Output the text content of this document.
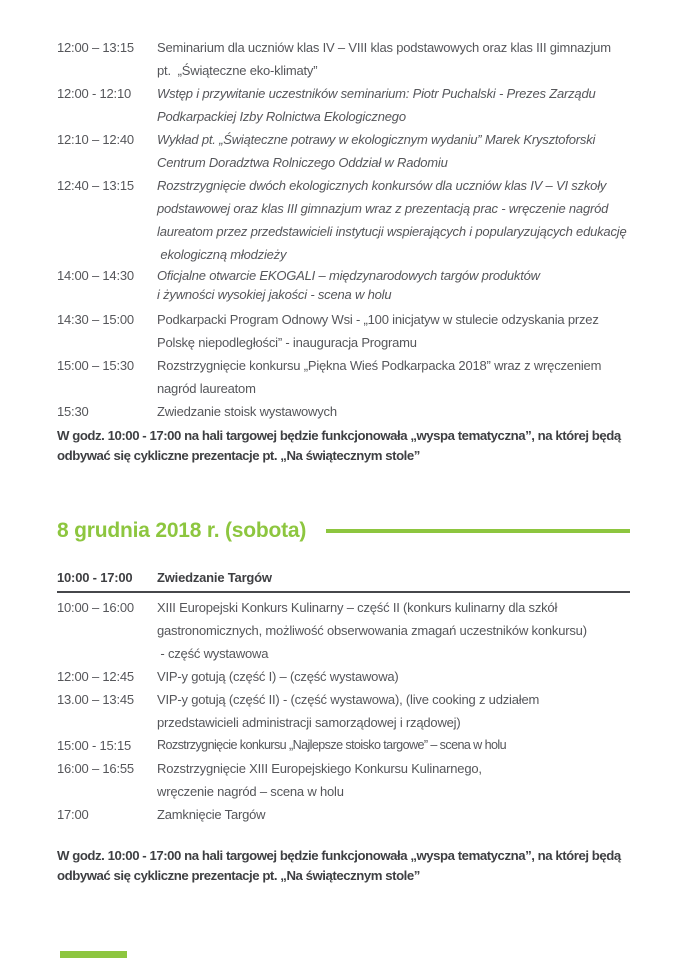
12:00 – 13:15	Seminarium dla uczniów klas IV – VIII klas podstawowych oraz klas III gimnazjum
pt.  „Świąteczne eko-klimaty”
12:00 - 12:10	Wstęp i przywitanie uczestników seminarium: Piotr Puchalski - Prezes Zarządu
Podkarpackiej Izby Rolnictwa Ekologicznego
12:10 – 12:40	Wykład pt. „Świąteczne potrawy w ekologicznym wydaniu” Marek Krysztoforski
Centrum Doradztwa Rolniczego Oddział w Radomiu
12:40 – 13:15	Rozstrzygnięcie dwóch ekologicznych konkursów dla uczniów klas IV – VI szkoły
podstawowej oraz klas III gimnazjum wraz z prezentacją prac - wręczenie nagród
laureatom przez przedstawicieli instytucji wspierających i popularyzujących edukację
ekologiczną młodzieży
14:00 – 14:30	Oficjalne otwarcie EKOGALI – międzynarodowych targów produktów
i żywności wysokiej jakości - scena w holu
14:30 – 15:00	Podkarpacki Program Odnowy Wsi - „100 inicjatyw w stulecie odzyskania przez
Polskę niepodległości” - inauguracja Programu
15:00 – 15:30	Rozstrzygnięcie konkursu „Piękna Wieś Podkarpacka 2018” wraz z wręczeniem
nagród laureatom
15:30	Zwiedzanie stoisk wystawowych
W godz. 10:00 - 17:00 na hali targowej będzie funkcjonowała „wyspa tematyczna”, na której będą
odbywać się cykliczne prezentacje pt. „Na świątecznym stole”
8 grudnia 2018 r. (sobota)
10:00 - 17:00	Zwiedzanie Targów
10:00 – 16:00	XIII Europejski Konkurs Kulinarny – część II (konkurs kulinarny dla szkół
gastronomicznych, możliwość obserwowania zmagań uczestników konkursu)
- część wystawowa
12:00 – 12:45	VIP-y gotują (część I) – (część wystawowa)
13.00 – 13:45	VIP-y gotują (część II) - (część wystawowa), (live cooking z udziałem
przedstawicieli administracji samorządowej i rządowej)
15:00 - 15:15	Rozstrzygnięcie konkursu „Najlepsze stoisko targowe” – scena w holu
16:00 – 16:55	Rozstrzygnięcie XIII Europejskiego Konkursu Kulinarnego,
wręczenie nagród – scena w holu
17:00	Zamknięcie Targów
W godz. 10:00 - 17:00 na hali targowej będzie funkcjonowała „wyspa tematyczna”, na której będą
odbywać się cykliczne prezentacje pt. „Na świątecznym stole”
